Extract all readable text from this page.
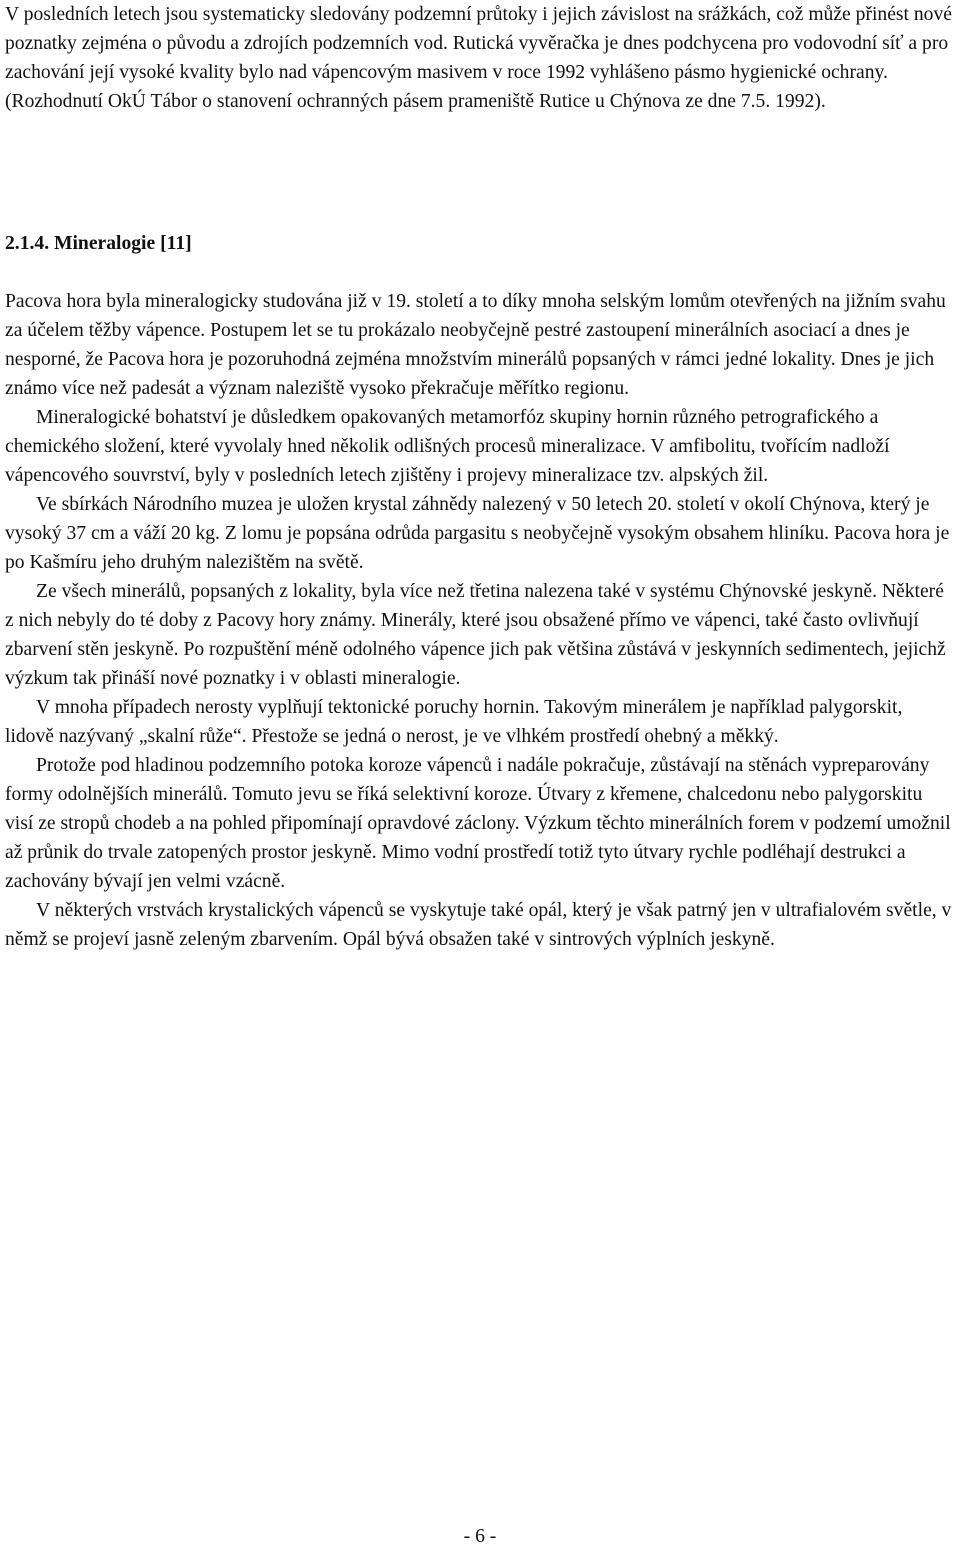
V posledních letech jsou systematicky sledovány podzemní průtoky i jejich závislost na srážkách, což může přinést nové poznatky zejména o původu a zdrojích podzemních vod. Rutická vyvěračka je dnes podchycena pro vodovodní síť a pro zachování její vysoké kvality bylo nad vápencovým masivem v roce 1992 vyhlášeno pásmo hygienické ochrany. (Rozhodnutí OkÚ Tábor o stanovení ochranných pásem prameniště Rutice u Chýnova ze dne 7.5. 1992).

2.1.4. Mineralogie [11]

Pacova hora byla mineralogicky studována již v 19. století a to díky mnoha selským lomům otevřených na jižním svahu za účelem těžby vápence. Postupem let se tu prokázalo neobyčejně pestré zastoupení minerálních asociací a dnes je nesporné, že Pacova hora je pozoruhodná zejména množstvím minerálů popsaných v rámci jedné lokality. Dnes je jich známo více než padesát a význam naleziště vysoko překračuje měřítko regionu.

Mineralogické bohatství je důsledkem opakovaných metamorfóz skupiny hornin různého petrografického a chemického složení, které vyvolaly hned několik odlišných procesů mineralizace. V amfibolitu, tvořícím nadloží vápencového souvrství, byly v posledních letech zjištěny i projevy mineralizace tzv. alpských žil.

Ve sbírkách Národního muzea je uložen krystal záhnědy nalezený v 50 letech 20. století v okolí Chýnova, který je vysoký 37 cm a váží 20 kg. Z lomu je popsána odrůda pargasitu s neobyčejně vysokým obsahem hliníku. Pacova hora je po Kašmíru jeho druhým nalezištěm na světě.

Ze všech minerálů, popsaných z lokality, byla více než třetina nalezena také v systému Chýnovské jeskyně. Některé z nich nebyly do té doby z Pacovy hory známy. Minerály, které jsou obsažené přímo ve vápenci, také často ovlivňují zbarvení stěn jeskyně. Po rozpuštění méně odolného vápence jich pak většina zůstává v jeskynních sedimentech, jejichž výzkum tak přináší nové poznatky i v oblasti mineralogie.

V mnoha případech nerosty vyplňují tektonické poruchy hornin. Takovým minerálem je například palygorskit, lidově nazývaný „skalní růže“. Přestože se jedná o nerost, je ve vlhkém prostředí ohebný a měkký.

Protože pod hladinou podzemního potoka koroze vápenců i nadále pokračuje, zůstávají na stěnách vypreparovány formy odolnějších minerálů. Tomuto jevu se říká selektivní koroze. Útvary z křemene, chalcedonu nebo palygorskitu visí ze stropů chodeb a na pohled připomínají opravdové záclony. Výzkum těchto minerálních forem v podzemí umožnil až průnik do trvale zatopených prostor jeskyně. Mimo vodní prostředí totiž tyto útvary rychle podléhají destrukci a zachovány bývají jen velmi vzácně.

V některých vrstvách krystalických vápenců se vyskytuje také opál, který je však patrný jen v ultrafialovém světle, v němž se projeví jasně zeleným zbarvením. Opál bývá obsažen také v sintrových výplních jeskyně.

- 6 -
